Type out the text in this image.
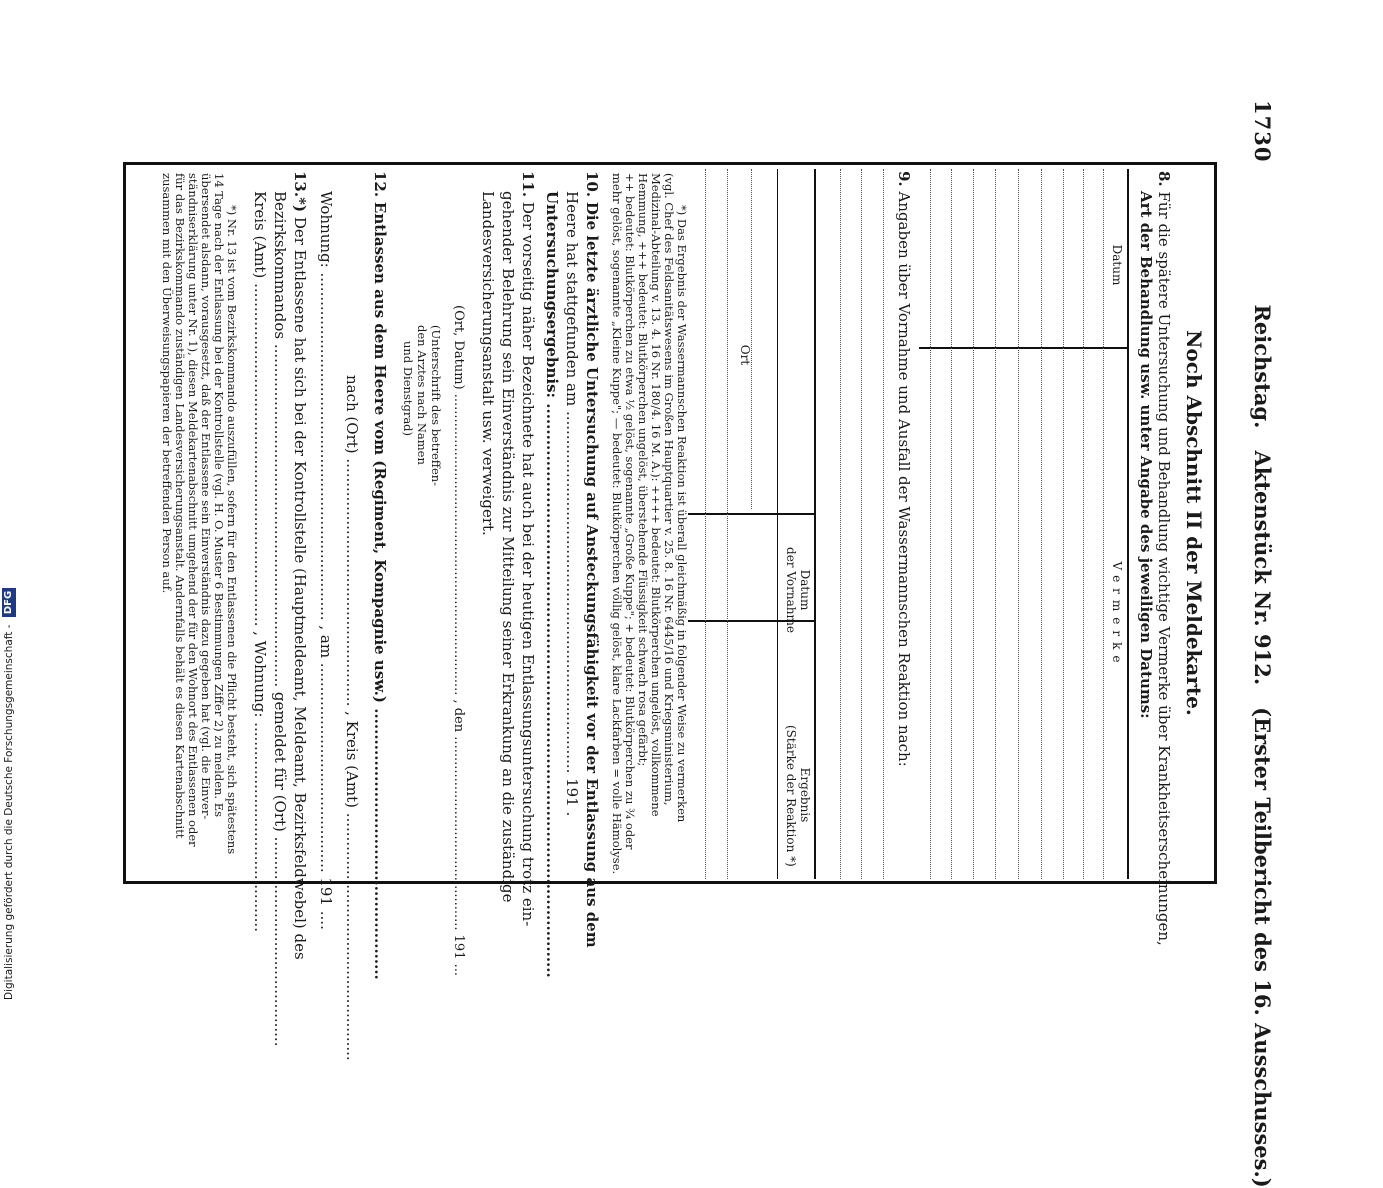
1730
Reichstag.
Aktenstück Nr. 912.
(Erster Teilbericht des 16. Ausschusses.)
Noch Abschnitt II der Meldekarte.
8. Für die spätere Untersuchung und Behandlung wichtige Vermerke über Krankheitserscheinungen,
Art der Behandlung usw. unter Angabe des jeweiligen Datums:
Datum
Vermerke
9. Angaben über Vornahme und Ausfall der Wassermannschen Reaktion nach:
Ort
Datum
der Vornahme
Ergebnis
(Stärke der Reaktion *)
*) Das Ergebnis der Wassermannschen Reaktion ist überall gleichmäßig in folgender Weise zu vermerken
(vgl. Chef des Feldsanitätswesens im Großen Hauptquartier v. 25. 8. 16 Nr. 6445/16 und Kriegsministerium,
Medizinal-Abteilung v. 13. 4. 16 Nr. 180/4. 16 M. A.): ++++ bedeutet: Blutkörperchen ungelöst, vollkommene
Hemmung, +++ bedeutet: Blutkörperchen ungelöst, überstehende Flüssigkeit schwach rosa gefärbt;
++ bedeutet: Blutkörperchen zu etwa ½ gelöst, sogenannte „Große Kuppe"; + bedeutet: Blutkörperchen zu ¾ oder
mehr gelöst, sogenannte „Kleine Kuppe"; — bedeutet: Blutkörperchen völlig gelöst, klare Lackfarben = volle Hämolyse.
10. Die letzte ärztliche Untersuchung auf Ansteckungsfähigkeit vor der Entlassung aus dem
Heere hat stattgefunden am ............................................................................ 191 .
Untersuchungsergebnis: ..............................................................................................................
11. Der vorseitig näher Bezeichnete hat auch bei der heutigen Entlassungsuntersuchung trotz ein-
gehender Belehrung sein Einverständnis zur Mitteilung seiner Erkrankung an die zuständige
Landesversicherungsanstalt usw. verweigert.
(Ort, Datum) ......................................................................... , den ............................................... 191 ...
(Unterschrift des betreffen-
den Arztes nach Namen
und Dienstgrad)
12. Entlassen aus dem Heere vom (Regiment, Kompagnie usw.) ....................................................
nach (Ort) .................................................... , Kreis (Amt) ....................................................
Wohnung: ......................................................................... , am ............................................ 191 ....
13.*) Der Entlassene hat sich bei der Kontrollstelle (Hauptmeldeamt, Meldeamt, Bezirksfeldwebel) des
Bezirkskommandos ........................................................................ gemeldet für (Ort) ............................................
Kreis (Amt) ........................................................................ , Wohnung: ............................................
*) Nr. 13 ist vom Bezirkskommando auszufüllen, sofern für den Entlassenen die Pflicht besteht, sich spätestens
14 Tage nach der Entlassung bei der Kontrollstelle (vgl. H. O. Muster 6 Bestimmungen Ziffer 2) zu melden. Es
übersendet alsdann, vorausgesetzt, daß der Entlassene sein Einverständnis dazu gegeben hat (vgl. die Einver-
ständniserklärung unter Nr. 1), diesen Meldekartenabschnitt umgehend der für den Wohnort des Entlassenen oder
für das Bezirkskommando zuständigen Landesversicherungsanstalt. Andernfalls behält es diesen Kartenabschnitt
zusammen mit den Überweisungspapieren der betreffenden Person auf.
Digitalisierung gefördert durch die Deutsche Forschungsgemeinschaft - DFG
